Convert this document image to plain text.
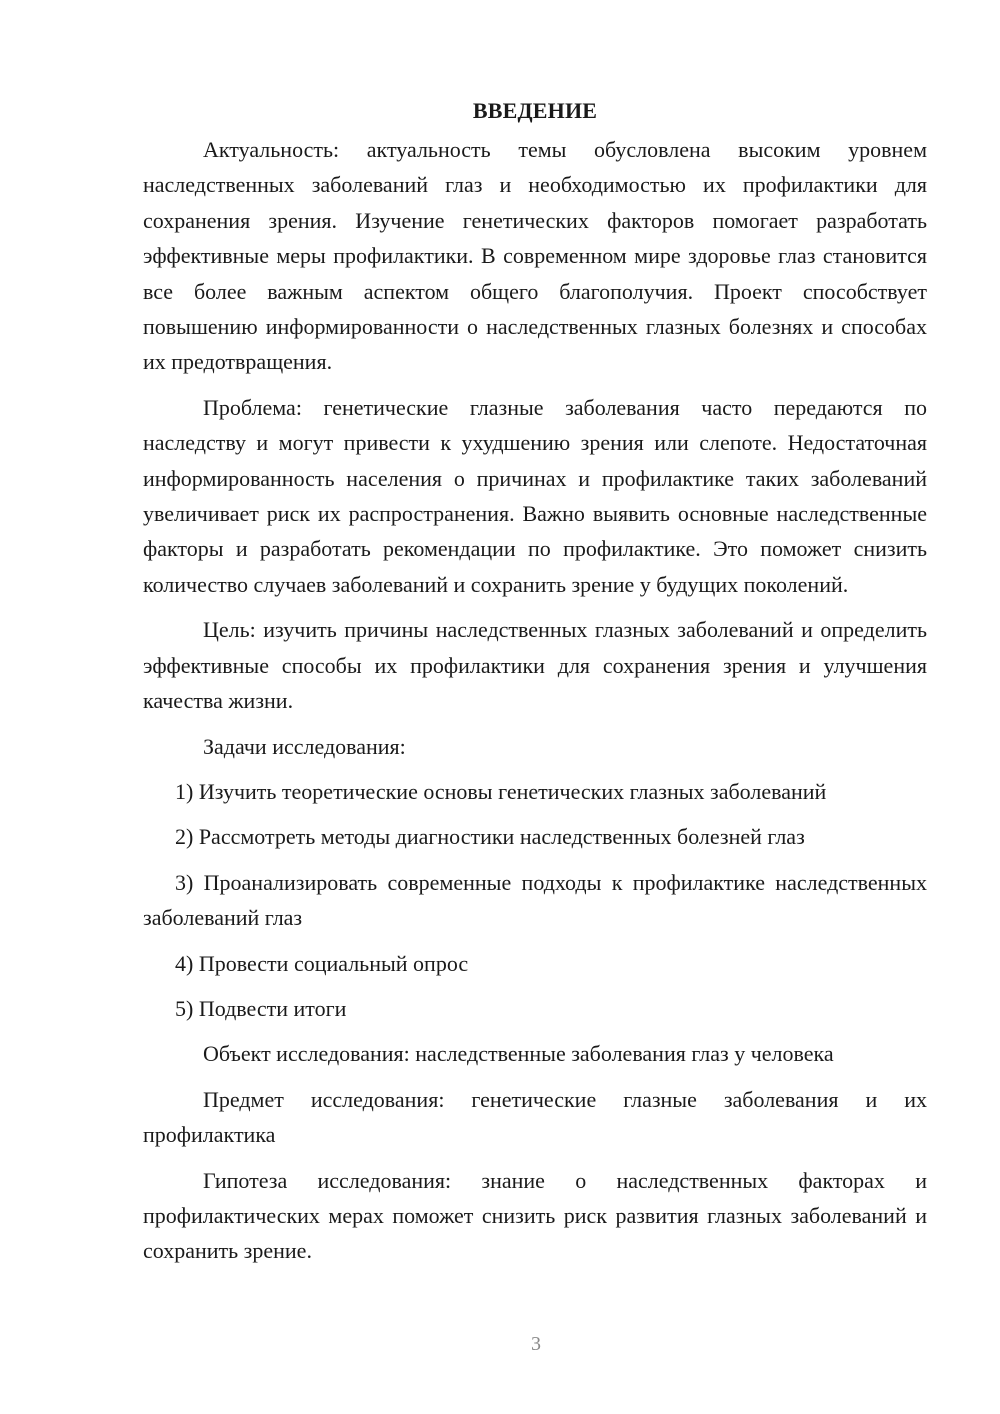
ВВЕДЕНИЕ

Актуальность: актуальность темы обусловлена высоким уровнем наследственных заболеваний глаз и необходимостью их профилактики для сохранения зрения. Изучение генетических факторов помогает разработать эффективные меры профилактики. В современном мире здоровье глаз становится все более важным аспектом общего благополучия. Проект способствует повышению информированности о наследственных глазных болезнях и способах их предотвращения.

Проблема: генетические глазные заболевания часто передаются по наследству и могут привести к ухудшению зрения или слепоте. Недостаточная информированность населения о причинах и профилактике таких заболеваний увеличивает риск их распространения. Важно выявить основные наследственные факторы и разработать рекомендации по профилактике. Это поможет снизить количество случаев заболеваний и сохранить зрение у будущих поколений.

Цель: изучить причины наследственных глазных заболеваний и определить эффективные способы их профилактики для сохранения зрения и улучшения качества жизни.

Задачи исследования:

1) Изучить теоретические основы генетических глазных заболеваний

2) Рассмотреть методы диагностики наследственных болезней глаз

3) Проанализировать современные подходы к профилактике наследственных заболеваний глаз

4) Провести социальный опрос

5) Подвести итоги

Объект исследования: наследственные заболевания глаз у человека

Предмет исследования: генетические глазные заболевания и их профилактика

Гипотеза исследования: знание о наследственных факторах и профилактических мерах поможет снизить риск развития глазных заболеваний и сохранить зрение.

3
